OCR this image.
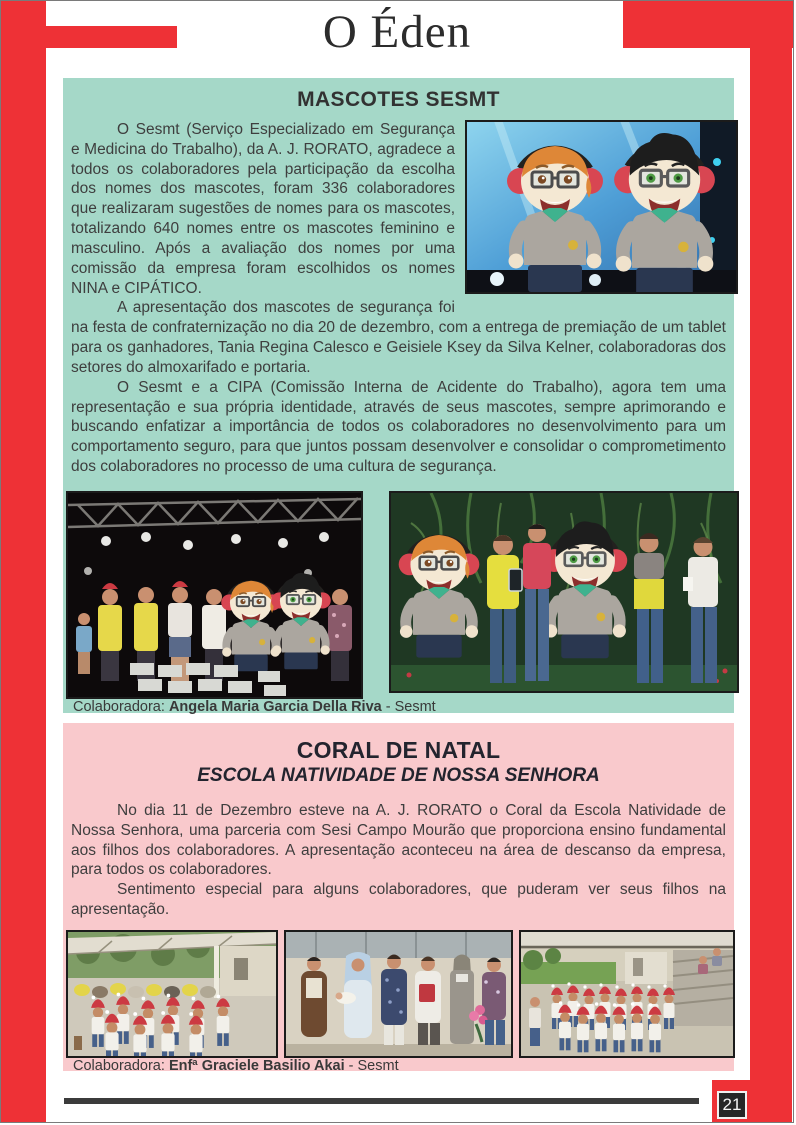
O Éden
MASCOTES SESMT

O Sesmt (Serviço Especializado em Segurança e Medicina do Trabalho), da A. J. RORATO, agradece a todos os colaboradores pela participação da escolha dos nomes dos mascotes, foram 336 colaboradores que realizaram sugestões de nomes para os mascotes, totalizando 640 nomes entre os mascotes feminino e masculino. Após a avaliação dos nomes por uma comissão da empresa foram escolhidos os nomes NINA e CIPÁTICO.

A apresentação dos mascotes de segurança foi na festa de confraternização no dia 20 de dezembro, com a entrega de premiação de um tablet para os ganhadores, Tania Regina Calesco e Geisiele Ksey da Silva Kelner, colaboradoras dos setores do almoxarifado e portaria.

O Sesmt e a CIPA (Comissão Interna de Acidente do Trabalho), agora tem uma representação e sua própria identidade, através de seus mascotes, sempre aprimorando e buscando enfatizar a importância de todos os colaboradores no desenvolvimento para um comportamento seguro, para que juntos possam desenvolver e consolidar o comprometimento dos colaboradores no processo de uma cultura de segurança.

Colaboradora: Angela Maria Garcia Della Riva - Sesmt

CORAL DE NATAL
ESCOLA NATIVIDADE DE NOSSA SENHORA

No dia 11 de Dezembro esteve na A. J. RORATO o Coral da Escola Natividade de Nossa Senhora, uma parceria com Sesi Campo Mourão que proporciona ensino fundamental aos filhos dos colaboradores. A apresentação aconteceu na área de descanso da empresa, para todos os colaboradores.

Sentimento especial para alguns colaboradores, que puderam ver seus filhos na apresentação.

Colaboradora: Enfª Graciele Basilio Akai - Sesmt

21
